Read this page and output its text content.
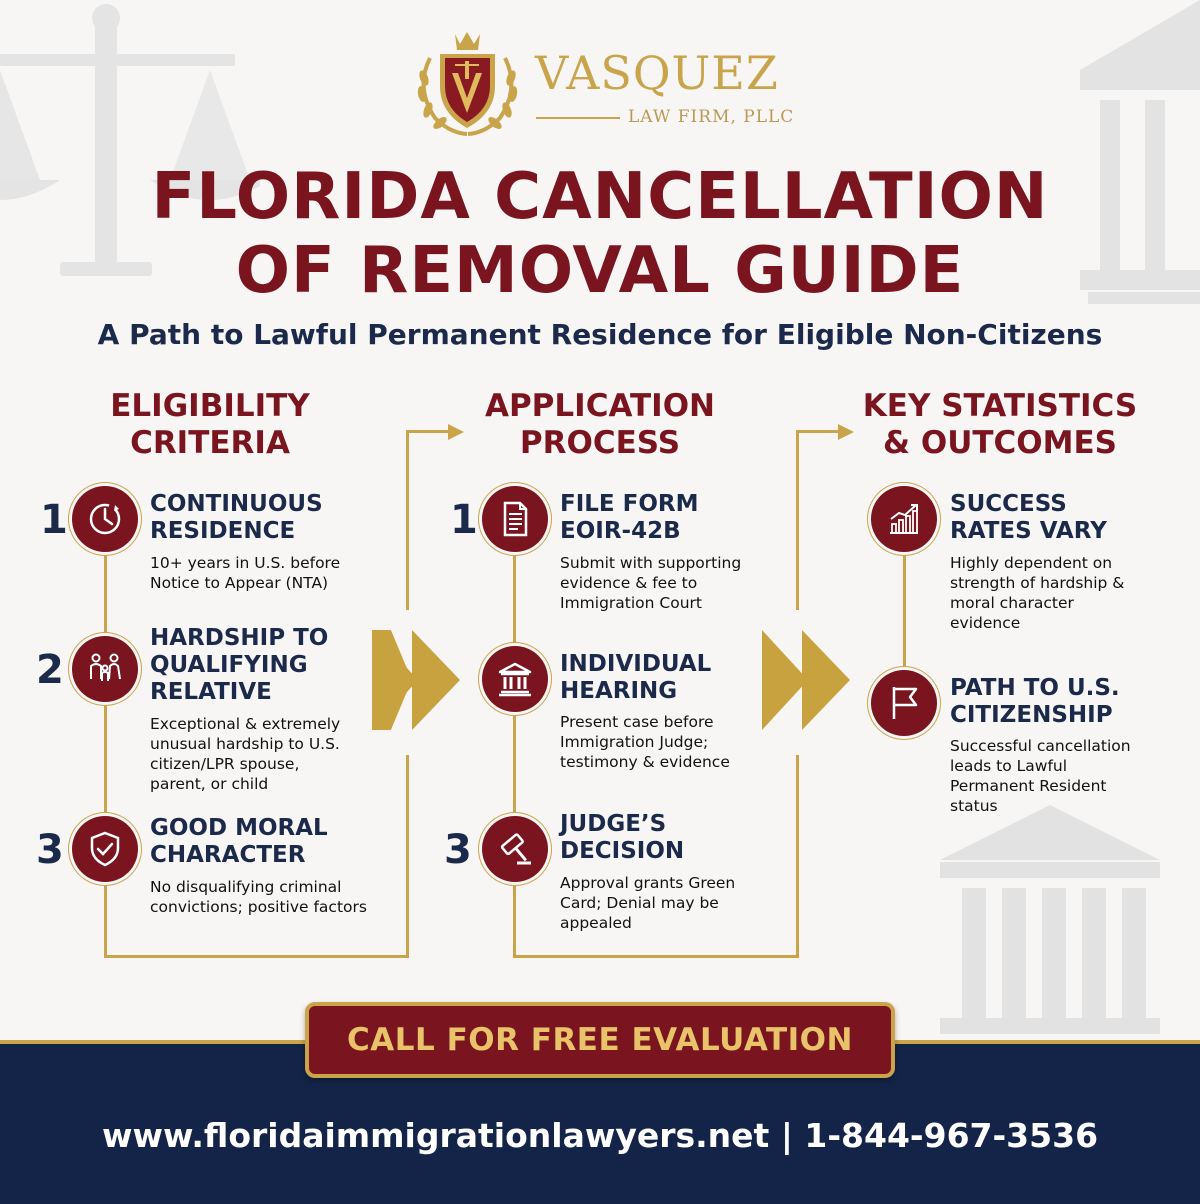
VASQUEZ
LAW FIRM, PLLC
FLORIDA CANCELLATION
OF REMOVAL GUIDE
A Path to Lawful Permanent Residence for Eligible Non-Citizens
ELIGIBILITY
CRITERIA
APPLICATION
PROCESS
KEY STATISTICS
& OUTCOMES
1	CONTINUOUS
RESIDENCE
10+ years in U.S. before
Notice to Appear (NTA)
2
HARDSHIP TO
QUALIFYING
RELATIVE
Exceptional & extremely
unusual hardship to U.S.
citizen/LPR spouse,
parent, or child
3	GOOD MORAL
CHARACTER
No disqualifying criminal
convictions; positive factors
1	FILE FORM
EOIR-42B
Submit with supporting
evidence & fee to
Immigration Court
INDIVIDUAL
HEARING
Present case before
Immigration Judge;
testimony & evidence
3
JUDGE’S
DECISION
Approval grants Green
Card; Denial may be
appealed
SUCCESS
RATES VARY
Highly dependent on
strength of hardship &
moral character
evidence
PATH TO U.S.
CITIZENSHIP
Successful cancellation
leads to Lawful
Permanent Resident
status
CALL FOR FREE EVALUATION
www.floridaimmigrationlawyers.net | 1-844-967-3536
